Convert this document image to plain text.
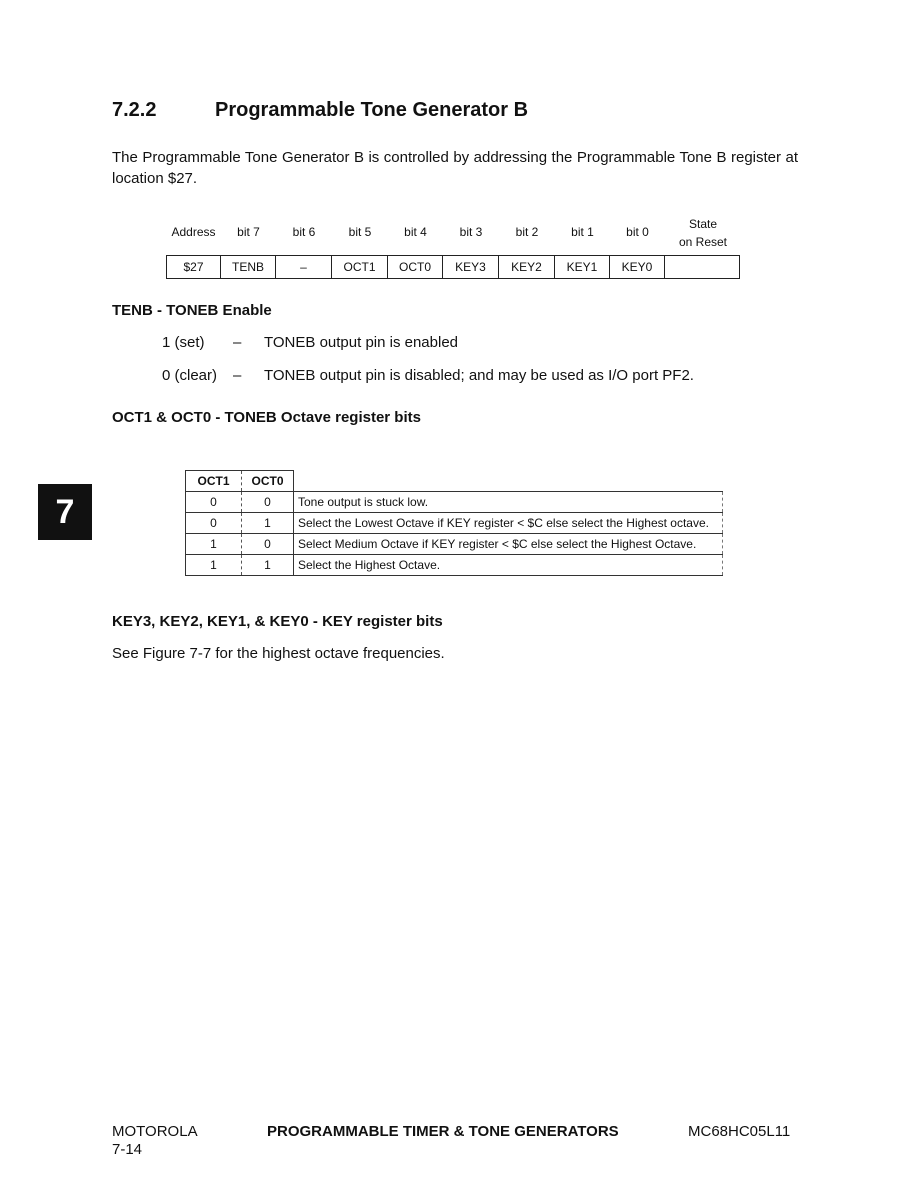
7.2.2	Programmable Tone Generator B
The Programmable Tone Generator B is controlled by addressing the Programmable Tone B register at location $27.
Address	bit 7	bit 6	bit 5	bit 4	bit 3	bit 2	bit 1	bit 0
State
on Reset
$27	TENB	–	OCT1	OCT0	KEY3	KEY2	KEY1	KEY0	
TENB - TONEB Enable
1 (set) – TONEB output pin is enabled
0 (clear) – TONEB output pin is disabled; and may be used as I/O port PF2.
OCT1 & OCT0 - TONEB Octave register bits
7
OCT1	OCT0	
0	0	Tone output is stuck low.
0	1	Select the Lowest Octave if KEY register < $C else select the Highest octave.
1	0	Select Medium Octave if KEY register < $C else select the Highest Octave.
1	1	Select the Highest Octave.
KEY3, KEY2, KEY1, & KEY0 - KEY register bits
See Figure 7-7 for the highest octave frequencies.
MOTOROLA
7-14
PROGRAMMABLE TIMER & TONE GENERATORS	MC68HC05L11
